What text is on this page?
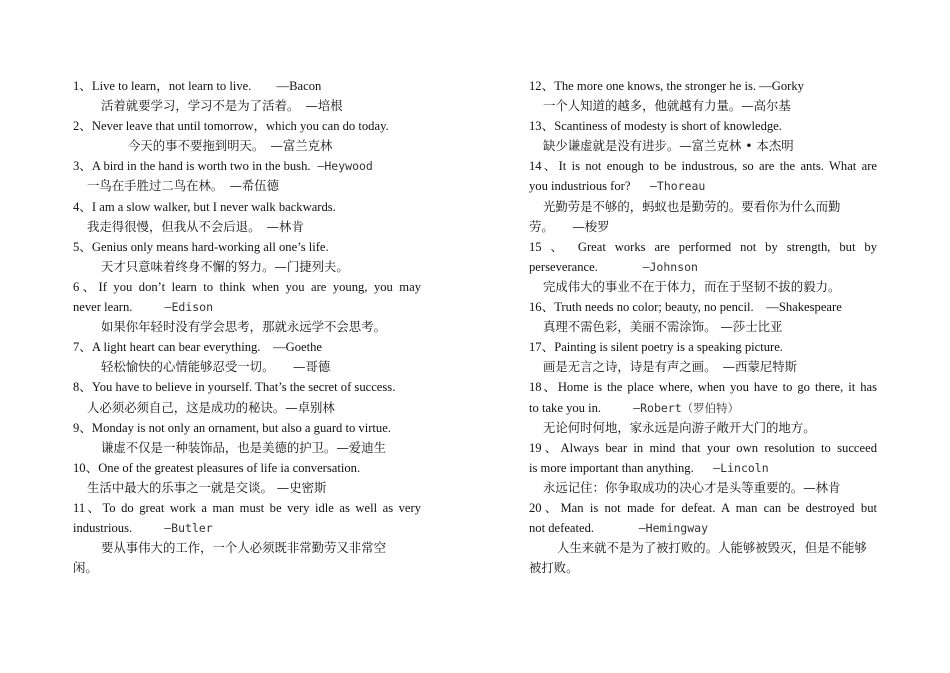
1、Live to learn，not learn to live.　　—Bacon
活着就要学习，学习不是为了活着。　—培根
2、Never leave that until tomorrow，which you can do today.
今天的事不要拖到明天。　—富兰克林
3、A bird in the hand is worth two in the bush. —Heywood
一鸟在手胜过二鸟在林。　—希伍德
4、I am a slow walker, but I never walk backwards.
我走得很慢，但我从不会后退。　—林肯
5、Genius only means hard-working all one’s life.
天才只意味着终身不懈的努力。—门捷列夫。
6、If you don’t learn to think when you are young, you may
never learn.　　 —Edison
如果你年轻时没有学会思考，那就永远学不会思考。
7、A light heart can bear everything.　—Goethe
轻松愉快的心情能够忍受一切。　　—哥德
8、You have to believe in yourself. That’s the secret of success.
人必须必须自己，这是成功的秘诀。—卓别林
9、Monday is not only an ornament, but also a guard to virtue.
谦虚不仅是一种装饰品，也是美德的护卫。—爱迪生
10、One of the greatest pleasures of life ia conversation.
生活中最大的乐事之一就是交谈。 —史密斯
11、To do great work a man must be very idle as well as very
industrious.　　 —Butler
要从事伟大的工作，一个人必须既非常勤劳又非常空
闲。
12、The more one knows, the stronger he is. —Gorky
一个人知道的越多，他就越有力量。—高尔基
13、Scantiness of modesty is short of knowledge.
缺少谦虚就是没有进步。—富兰克林 • 本杰明
14、It is not enough to be industrous, so are the ants. What are
you industrious for?　 —Thoreau
光勤劳是不够的，蚂蚁也是勤劳的。要看你为什么而勤
劳。　　—梭罗
15 、 Great works are performed not by strength, but by
perseverance.　　　 —Johnson
完成伟大的事业不在于体力，而在于坚韧不拔的毅力。
16、Truth needs no color; beauty, no pencil.　—Shakespeare
真理不需色彩，美丽不需涂饰。 —莎士比亚
17、Painting is silent poetry is a speaking picture.
画是无言之诗，诗是有声之画。　—西蒙尼特斯
18、Home is the place where, when you have to go there, it has
to take you in.　　 —Robert（罗伯特）
无论何时何地，家永远是向游子敞开大门的地方。
19、Always bear in mind that your own resolution to succeed
is more important than anything.　 —Lincoln
永远记住：你争取成功的决心才是头等重要的。—林肯
20、Man is not made for defeat. A man can be destroyed but
not defeated.　　　 —Hemingway
人生来就不是为了被打败的。人能够被毁灭，但是不能够
被打败。
